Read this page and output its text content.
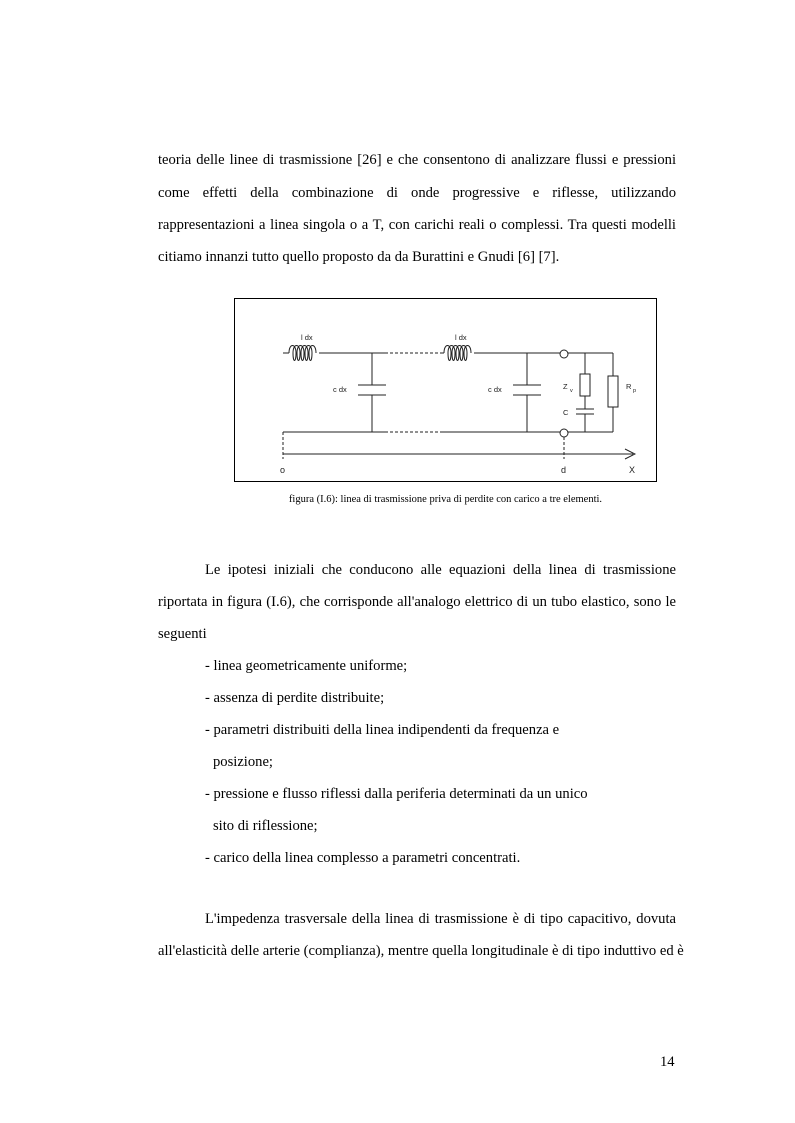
teoria delle linee di trasmissione [26] e che consentono di analizzare flussi e pressioni
come effetti della combinazione di onde progressive e riflesse, utilizzando
rappresentazioni a linea singola o a T, con carichi reali o complessi. Tra questi modelli
citiamo innanzi tutto quello proposto da da Burattini e Gnudi [6] [7].
l dx	l dx
c dx	c dx	Z v
C
R p
o	d	X
figura (I.6): linea di trasmissione priva di perdite con carico a tre elementi.
Le ipotesi iniziali che conducono alle equazioni della linea di trasmissione
riportata in figura (I.6), che corrisponde all'analogo elettrico di un tubo elastico, sono le
seguenti
- linea geometricamente uniforme;
- assenza di perdite distribuite;
- parametri distribuiti della linea indipendenti da frequenza e
posizione;
- pressione e flusso riflessi dalla periferia determinati da un unico
sito di riflessione;
- carico della linea complesso a parametri concentrati.
L'impedenza trasversale della linea di trasmissione è di tipo capacitivo, dovuta
all'elasticità delle arterie (complianza), mentre quella longitudinale è di tipo induttivo ed è
14
